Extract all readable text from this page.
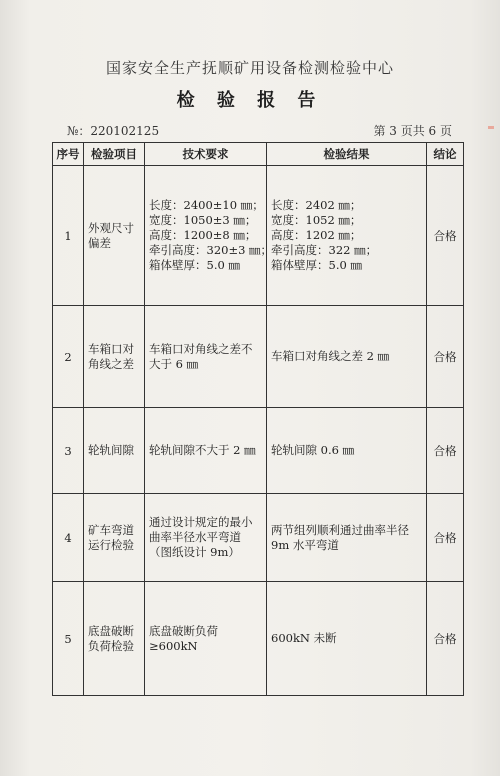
国家安全生产抚顺矿用设备检测检验中心
检 验 报 告
№：220102125	第 3 页共 6 页
序号	检验项目	技术要求	检验结果	结论
1	外观尺寸偏差	长度：2400±10 ㎜；
宽度：1050±3 ㎜；
高度：1200±8 ㎜；
牵引高度：320±3 ㎜；
箱体壁厚：5.0 ㎜	长度：2402 ㎜；
宽度：1052 ㎜；
高度：1202 ㎜；
牵引高度：322 ㎜；
箱体壁厚：5.0 ㎜	合格
2	车箱口对角线之差	车箱口对角线之差不大于 6 ㎜	车箱口对角线之差 2 ㎜	合格
3	轮轨间隙	轮轨间隙不大于 2 ㎜	轮轨间隙 0.6 ㎜	合格
4	矿车弯道运行检验	通过设计规定的最小曲率半径水平弯道（图纸设计 9m）	两节组列顺利通过曲率半径 9m 水平弯道	合格
5	底盘破断负荷检验	底盘破断负荷≥600kN	600kN 未断	合格
